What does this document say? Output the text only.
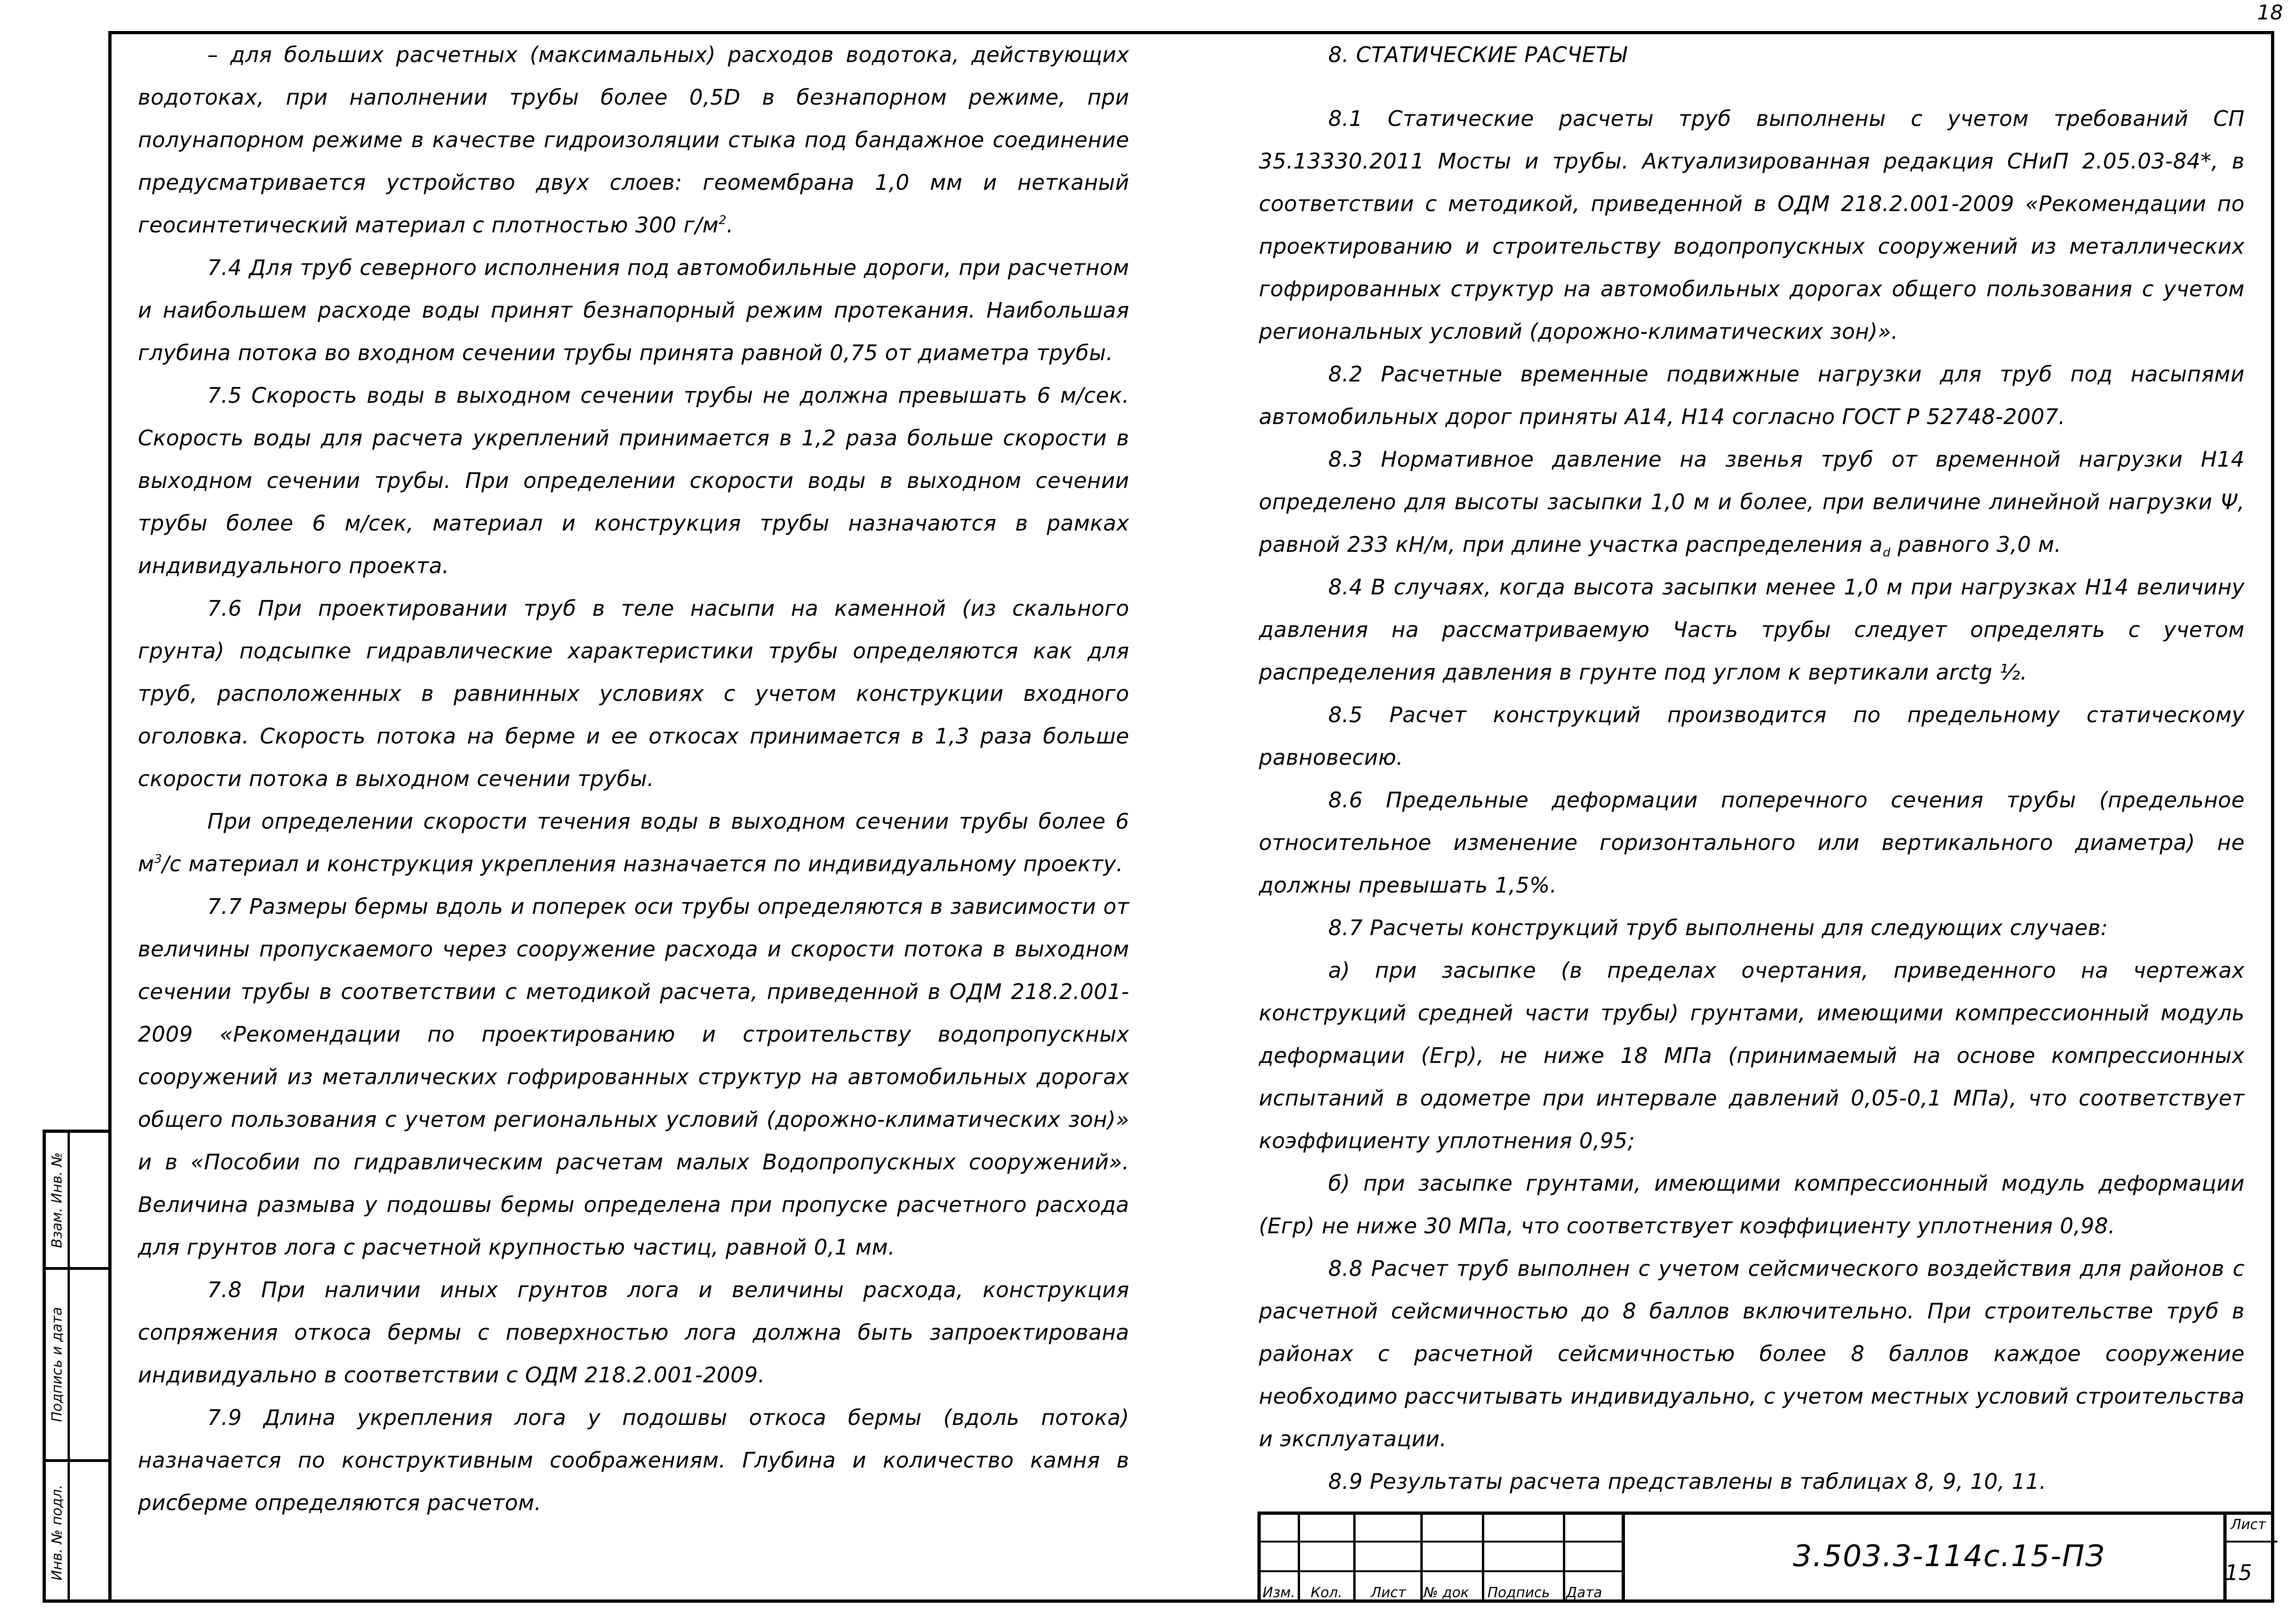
18

– для больших расчетных (максимальных) расходов водотока, действующих водотоках, при наполнении трубы более 0,5D в безнапорном режиме, при полунапорном режиме в качестве гидроизоляции стыка под бандажное соединение предусматривается устройство двух слоев: геомембрана 1,0 мм и нетканый геосинтетический материал с плотностью 300 $г/м^2$.

7.4 Для труб северного исполнения под автомобильные дороги, при расчетном и наибольшем расходе воды принят безнапорный режим протекания. Наибольшая глубина потока во входном сечении трубы принята равной 0,75 от диаметра трубы.

7.5 Скорость воды в выходном сечении трубы не должна превышать 6 м/сек. Скорость воды для расчета укреплений принимается в 1,2 раза больше скорости в выходном сечении трубы. При определении скорости воды в выходном сечении трубы более 6 м/сек, материал и конструкция трубы назначаются в рамках индивидуального проекта.

7.6 При проектировании труб в теле насыпи на каменной (из скального грунта) подсыпке гидравлические характеристики трубы определяются как для труб, расположенных в равнинных условиях с учетом конструкции входного оголовка. Скорость потока на берме и ее откосах принимается в 1,3 раза больше скорости потока в выходном сечении трубы.

При определении скорости течения воды в выходном сечении трубы более 6 $м^3/с$ материал и конструкция укрепления назначается по индивидуальному проекту.

7.7 Размеры бермы вдоль и поперек оси трубы определяются в зависимости от величины пропускаемого через сооружение расхода и скорости потока в выходном сечении трубы в соответствии с методикой расчета, приведенной в ОДМ 218.2.001-2009 «Рекомендации по проектированию и строительству водопропускных сооружений из металлических гофрированных структур на автомобильных дорогах общего пользования с учетом региональных условий (дорожно-климатических зон)» и в «Пособии по гидравлическим расчетам малых Водопропускных сооружений». Величина размыва у подошвы бермы определена при пропуске расчетного расхода для грунтов лога с расчетной крупностью частиц, равной 0,1 мм.

7.8 При наличии иных грунтов лога и величины расхода, конструкция сопряжения откоса бермы с поверхностью лога должна быть запроектирована индивидуально в соответствии с ОДМ 218.2.001-2009.

7.9 Длина укрепления лога у подошвы откоса бермы (вдоль потока) назначается по конструктивным соображениям. Глубина и количество камня в рисберме определяются расчетом.

8. СТАТИЧЕСКИЕ РАСЧЕТЫ

8.1 Статические расчеты труб выполнены с учетом требований СП 35.13330.2011 Мосты и трубы. Актуализированная редакция СНиП 2.05.03-84*, в соответствии с методикой, приведенной в ОДМ 218.2.001-2009 «Рекомендации по проектированию и строительству водопропускных сооружений из металлических гофрированных структур на автомобильных дорогах общего пользования с учетом региональных условий (дорожно-климатических зон)».

8.2 Расчетные временные подвижные нагрузки для труб под насыпями автомобильных дорог приняты А14, Н14 согласно ГОСТ Р 52748-2007.

8.3 Нормативное давление на звенья труб от временной нагрузки Н14 определено для высоты засыпки 1,0 м и более, при величине линейной нагрузки Ψ, равной 233 кН/м, при длине участка распределения $a_d$ равного 3,0 м.

8.4 В случаях, когда высота засыпки менее 1,0 м при нагрузках Н14 величину давления на рассматриваемую Часть трубы следует определять с учетом распределения давления в грунте под углом к вертикали arctg ½.

8.5 Расчет конструкций производится по предельному статическому равновесию.

8.6 Предельные деформации поперечного сечения трубы (предельное относительное изменение горизонтального или вертикального диаметра) не должны превышать 1,5%.

8.7 Расчеты конструкций труб выполнены для следующих случаев:

а) при засыпке (в пределах очертания, приведенного на чертежах конструкций средней части трубы) грунтами, имеющими компрессионный модуль деформации (Егр), не ниже 18 МПа (принимаемый на основе компрессионных испытаний в одометре при интервале давлений 0,05-0,1 МПа), что соответствует коэффициенту уплотнения 0,95;

б) при засыпке грунтами, имеющими компрессионный модуль деформации (Егр) не ниже 30 МПа, что соответствует коэффициенту уплотнения 0,98.

8.8 Расчет труб выполнен с учетом сейсмического воздействия для районов с расчетной сейсмичностью до 8 баллов включительно. При строительстве труб в районах с расчетной сейсмичностью более 8 баллов каждое сооружение необходимо рассчитывать индивидуально, с учетом местных условий строительства и эксплуатации.

8.9 Результаты расчета представлены в таблицах 8, 9, 10, 11.

Взам. Инв. №
Подпись и дата
Инв. № подл.
Изм. Кол. Лист № док Подпись Дата
3.503.3-114с.15-ПЗ
Лист
15
